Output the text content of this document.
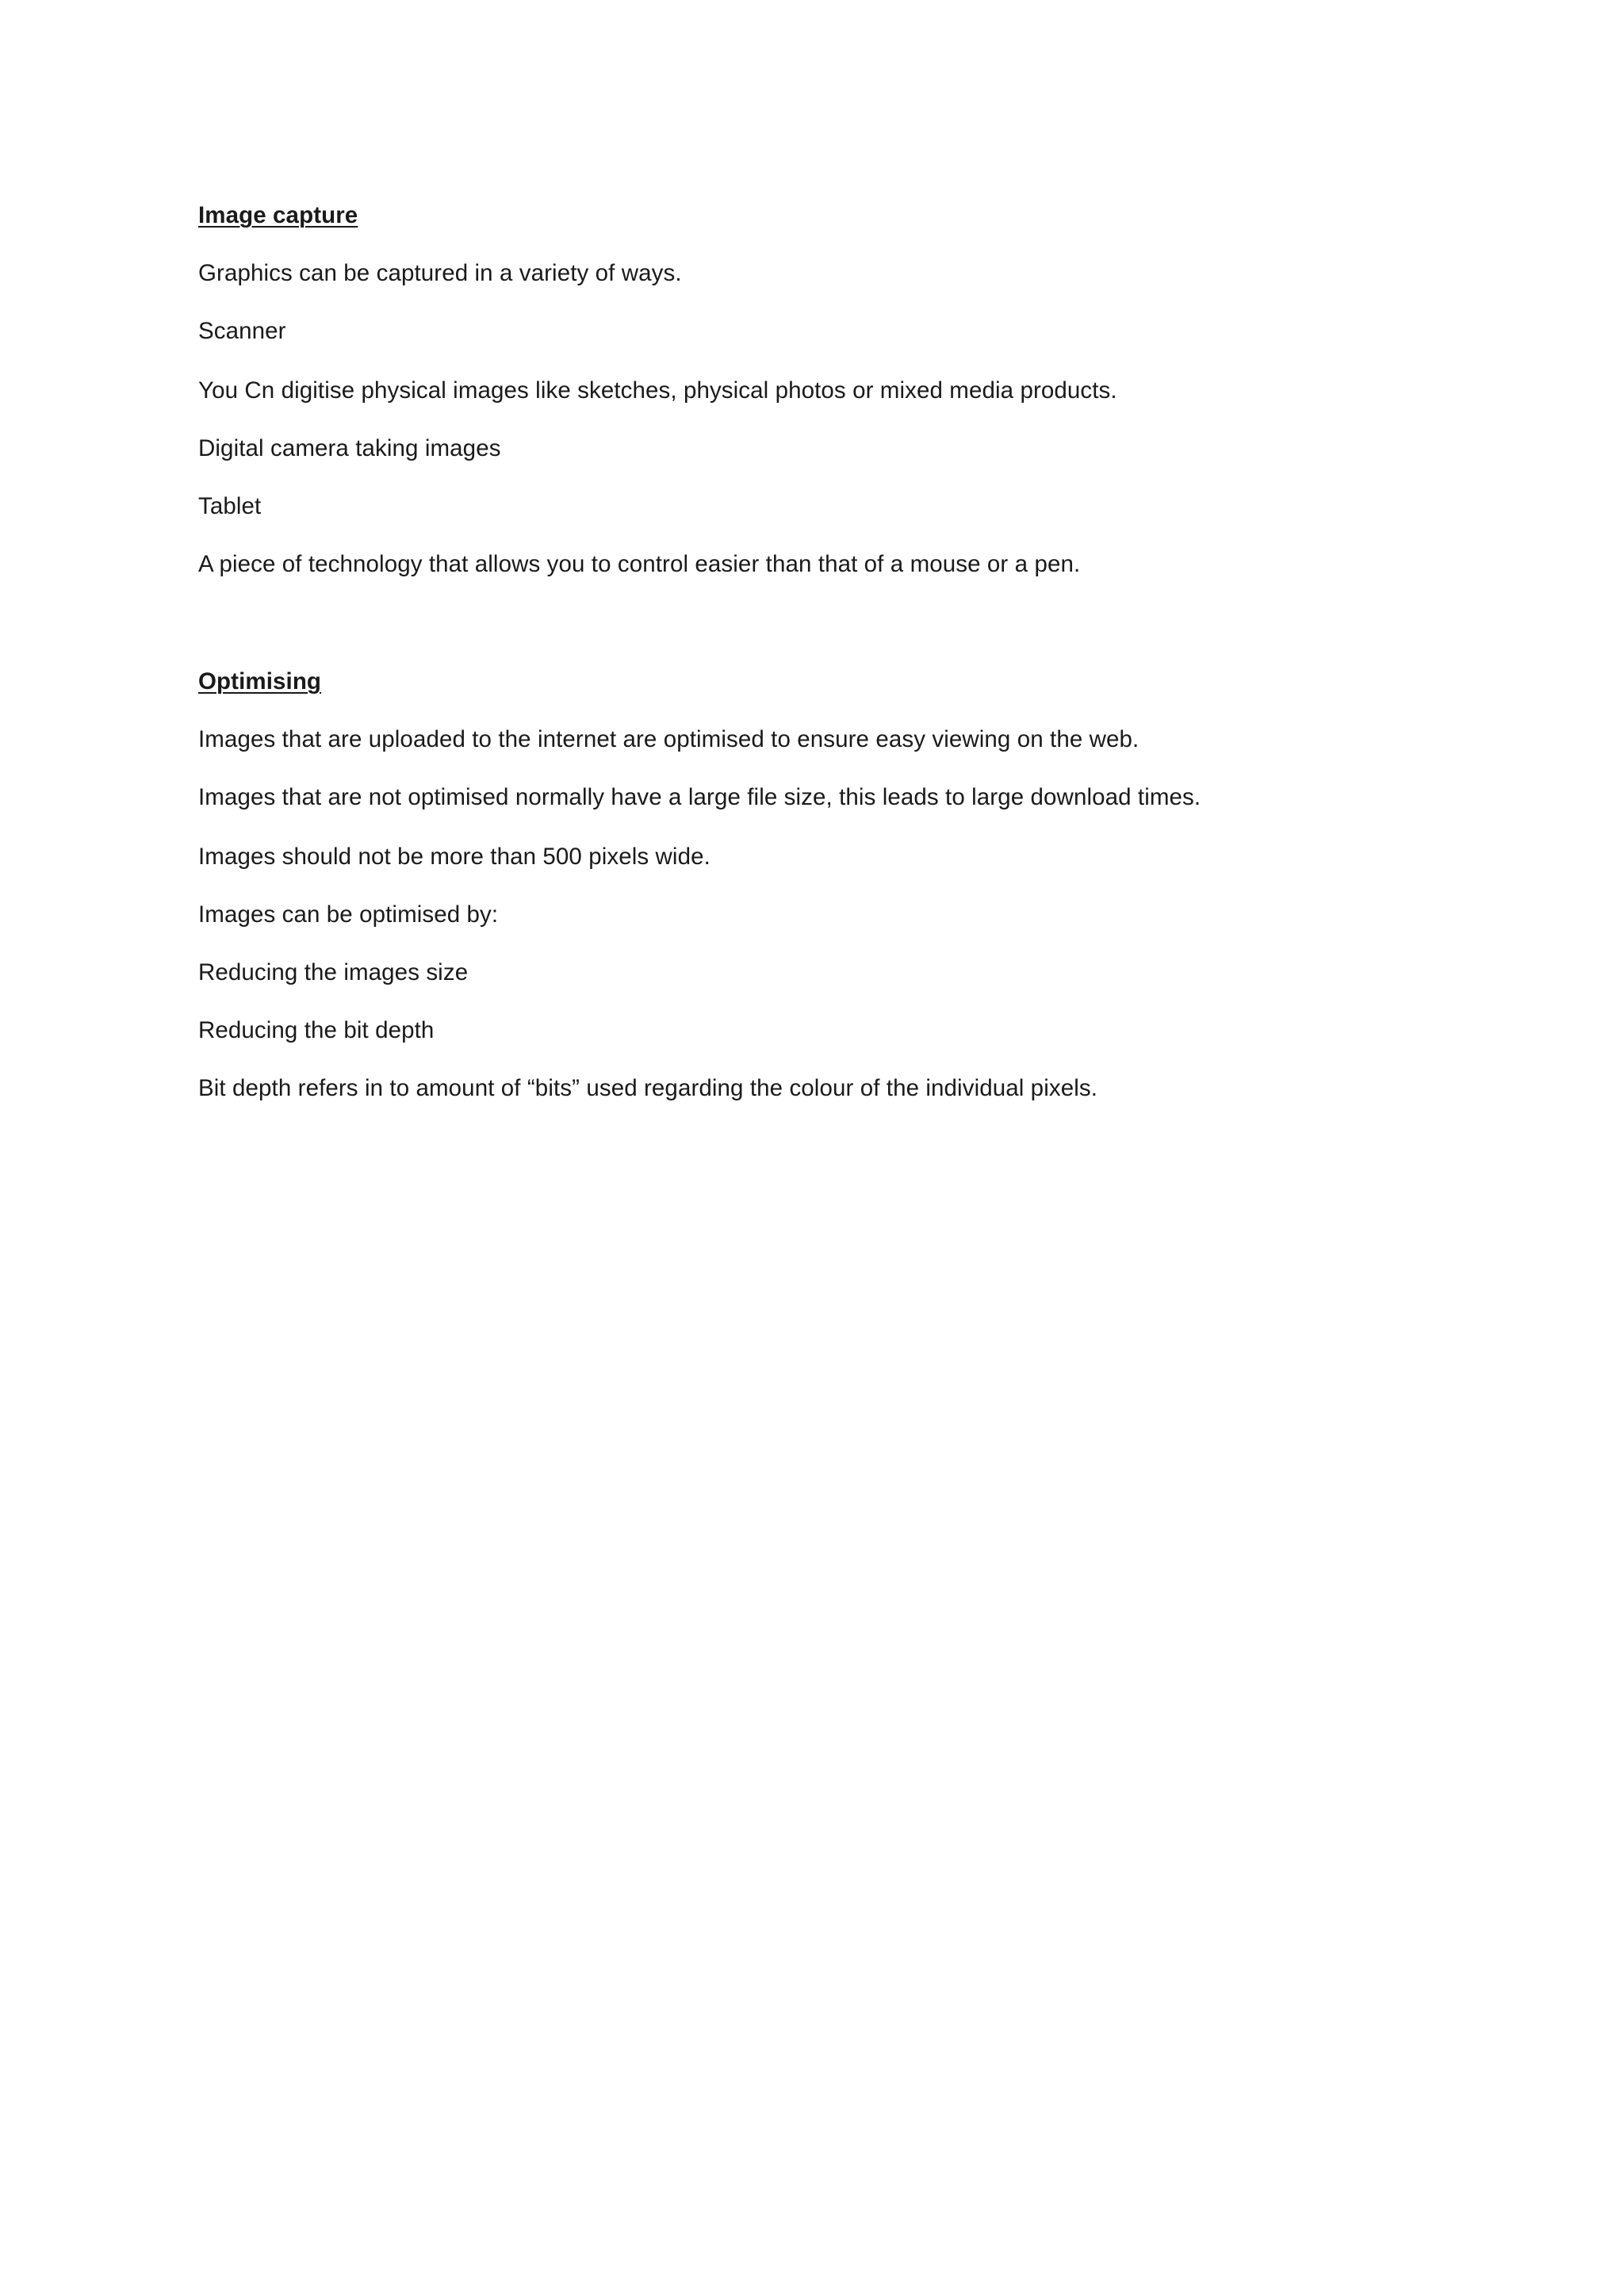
Image capture
Graphics can be captured in a variety of ways.
Scanner
You Cn digitise physical images like sketches, physical photos or mixed media products.
Digital camera taking images
Tablet
A piece of technology that allows you to control easier than that of a mouse or a pen.
Optimising
Images that are uploaded to the internet are optimised to ensure easy viewing on the web.
Images that are not optimised normally have a large file size, this leads to large download times.
Images should not be more than 500 pixels wide.
Images can be optimised by:
Reducing the images size
Reducing the bit depth
Bit depth refers in to amount of “bits” used regarding the colour of the individual pixels.
